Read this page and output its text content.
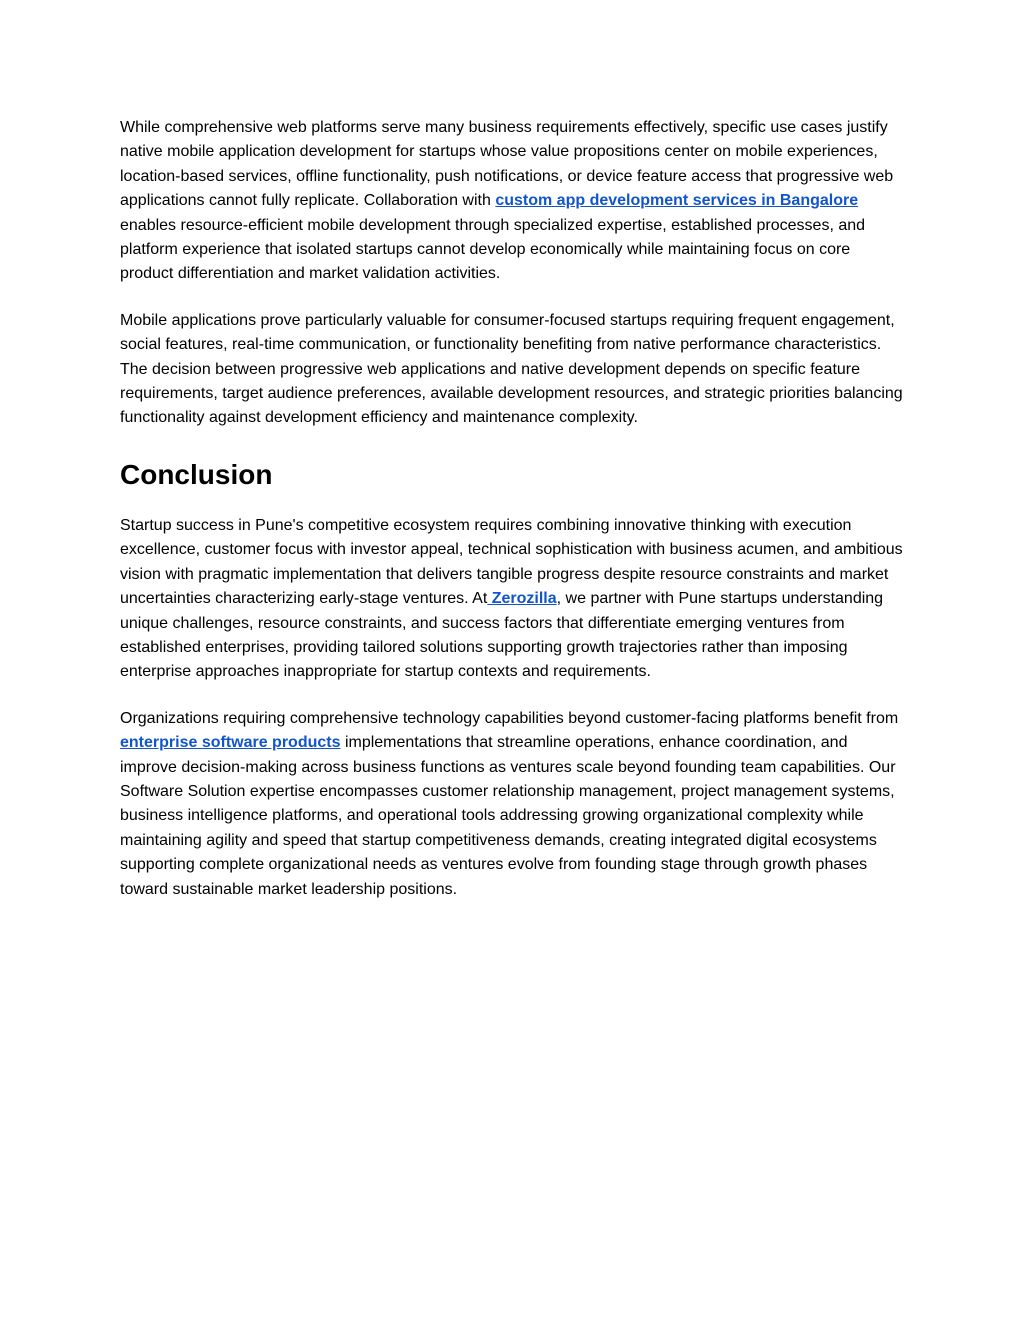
While comprehensive web platforms serve many business requirements effectively, specific use cases justify native mobile application development for startups whose value propositions center on mobile experiences, location-based services, offline functionality, push notifications, or device feature access that progressive web applications cannot fully replicate. Collaboration with custom app development services in Bangalore enables resource-efficient mobile development through specialized expertise, established processes, and platform experience that isolated startups cannot develop economically while maintaining focus on core product differentiation and market validation activities.

Mobile applications prove particularly valuable for consumer-focused startups requiring frequent engagement, social features, real-time communication, or functionality benefiting from native performance characteristics. The decision between progressive web applications and native development depends on specific feature requirements, target audience preferences, available development resources, and strategic priorities balancing functionality against development efficiency and maintenance complexity.

Conclusion

Startup success in Pune's competitive ecosystem requires combining innovative thinking with execution excellence, customer focus with investor appeal, technical sophistication with business acumen, and ambitious vision with pragmatic implementation that delivers tangible progress despite resource constraints and market uncertainties characterizing early-stage ventures. At Zerozilla, we partner with Pune startups understanding unique challenges, resource constraints, and success factors that differentiate emerging ventures from established enterprises, providing tailored solutions supporting growth trajectories rather than imposing enterprise approaches inappropriate for startup contexts and requirements.

Organizations requiring comprehensive technology capabilities beyond customer-facing platforms benefit from enterprise software products implementations that streamline operations, enhance coordination, and improve decision-making across business functions as ventures scale beyond founding team capabilities. Our Software Solution expertise encompasses customer relationship management, project management systems, business intelligence platforms, and operational tools addressing growing organizational complexity while maintaining agility and speed that startup competitiveness demands, creating integrated digital ecosystems supporting complete organizational needs as ventures evolve from founding stage through growth phases toward sustainable market leadership positions.
